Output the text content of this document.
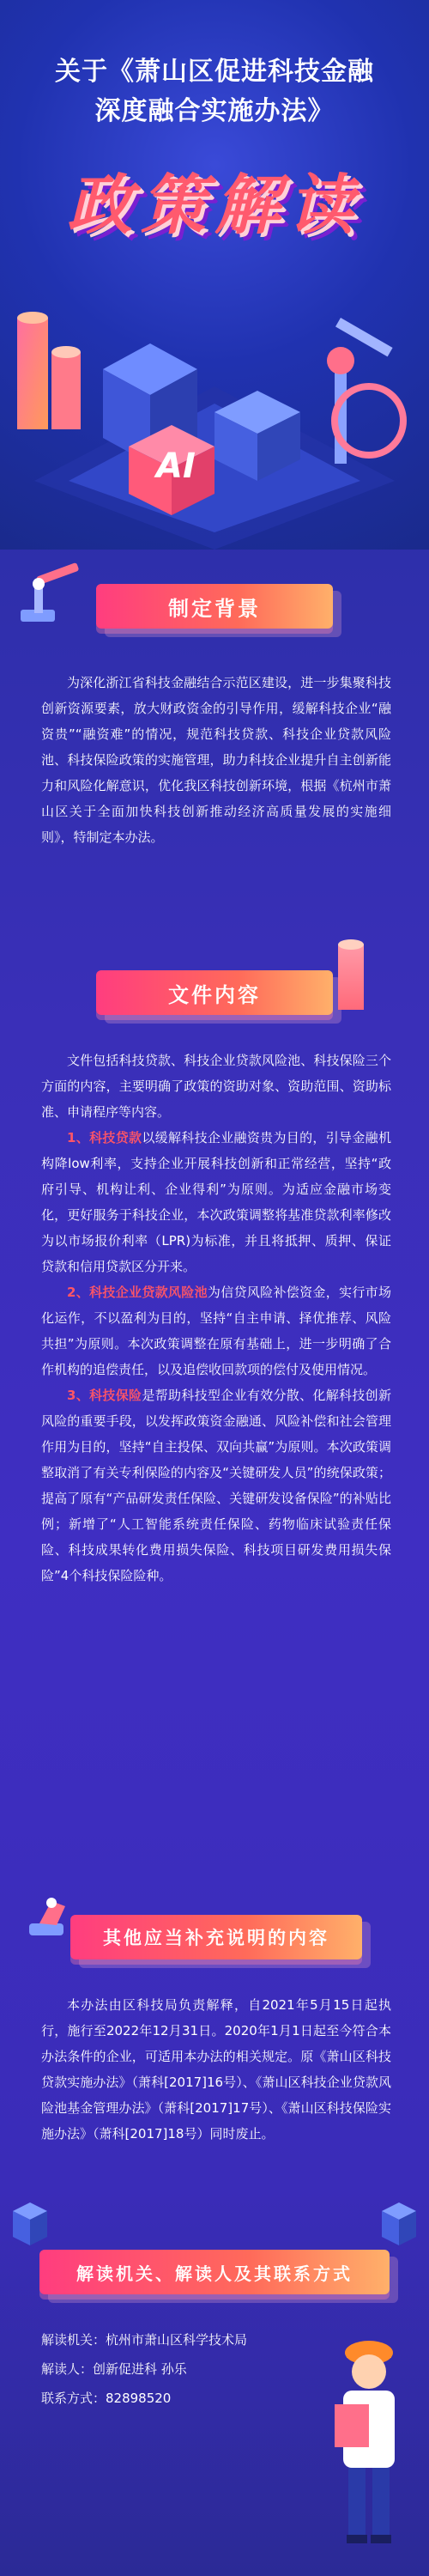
关于《萧山区促进科技金融
深度融合实施办法》
政策解读
AI
制定背景

为深化浙江省科技金融结合示范区建设，进一步集聚科技创新资源要素，放大财政资金的引导作用，缓解科技企业“融资贵”“融资难”的情况，规范科技贷款、科技企业贷款风险池、科技保险政策的实施管理，助力科技企业提升自主创新能力和风险化解意识，优化我区科技创新环境，根据《杭州市萧山区关于全面加快科技创新推动经济高质量发展的实施细则》，特制定本办法。

文件内容

文件包括科技贷款、科技企业贷款风险池、科技保险三个方面的内容，主要明确了政策的资助对象、资助范围、资助标准、申请程序等内容。

1、科技贷款以缓解科技企业融资贵为目的，引导金融机构降low利率，支持企业开展科技创新和正常经营，坚持“政府引导、机构让利、企业得利”为原则。为适应金融市场变化，更好服务于科技企业，本次政策调整将基准贷款利率修改为以市场报价利率（LPR)为标准，并且将抵押、质押、保证贷款和信用贷款区分开来。

2、科技企业贷款风险池为信贷风险补偿资金，实行市场化运作，不以盈利为目的，坚持“自主申请、择优推荐、风险共担”为原则。本次政策调整在原有基础上，进一步明确了合作机构的追偿责任，以及追偿收回款项的偿付及使用情况。

3、科技保险是帮助科技型企业有效分散、化解科技创新风险的重要手段，以发挥政策资金融通、风险补偿和社会管理作用为目的，坚持“自主投保、双向共赢”为原则。本次政策调整取消了有关专利保险的内容及“关键研发人员”的统保政策；提高了原有“产品研发责任保险、关键研发设备保险”的补贴比例；新增了“人工智能系统责任保险、药物临床试验责任保险、科技成果转化费用损失保险、科技项目研发费用损失保险”4个科技保险险种。

其他应当补充说明的内容

本办法由区科技局负责解释，自2021年5月15日起执行，施行至2022年12月31日。2020年1月1日起至今符合本办法条件的企业，可适用本办法的相关规定。原《萧山区科技贷款实施办法》（萧科[2017]16号）、《萧山区科技企业贷款风险池基金管理办法》（萧科[2017]17号）、《萧山区科技保险实施办法》（萧科[2017]18号）同时废止。

解读机关、解读人及其联系方式
解读机关：杭州市萧山区科学技术局
解读人：创新促进科 孙乐
联系方式：82898520
